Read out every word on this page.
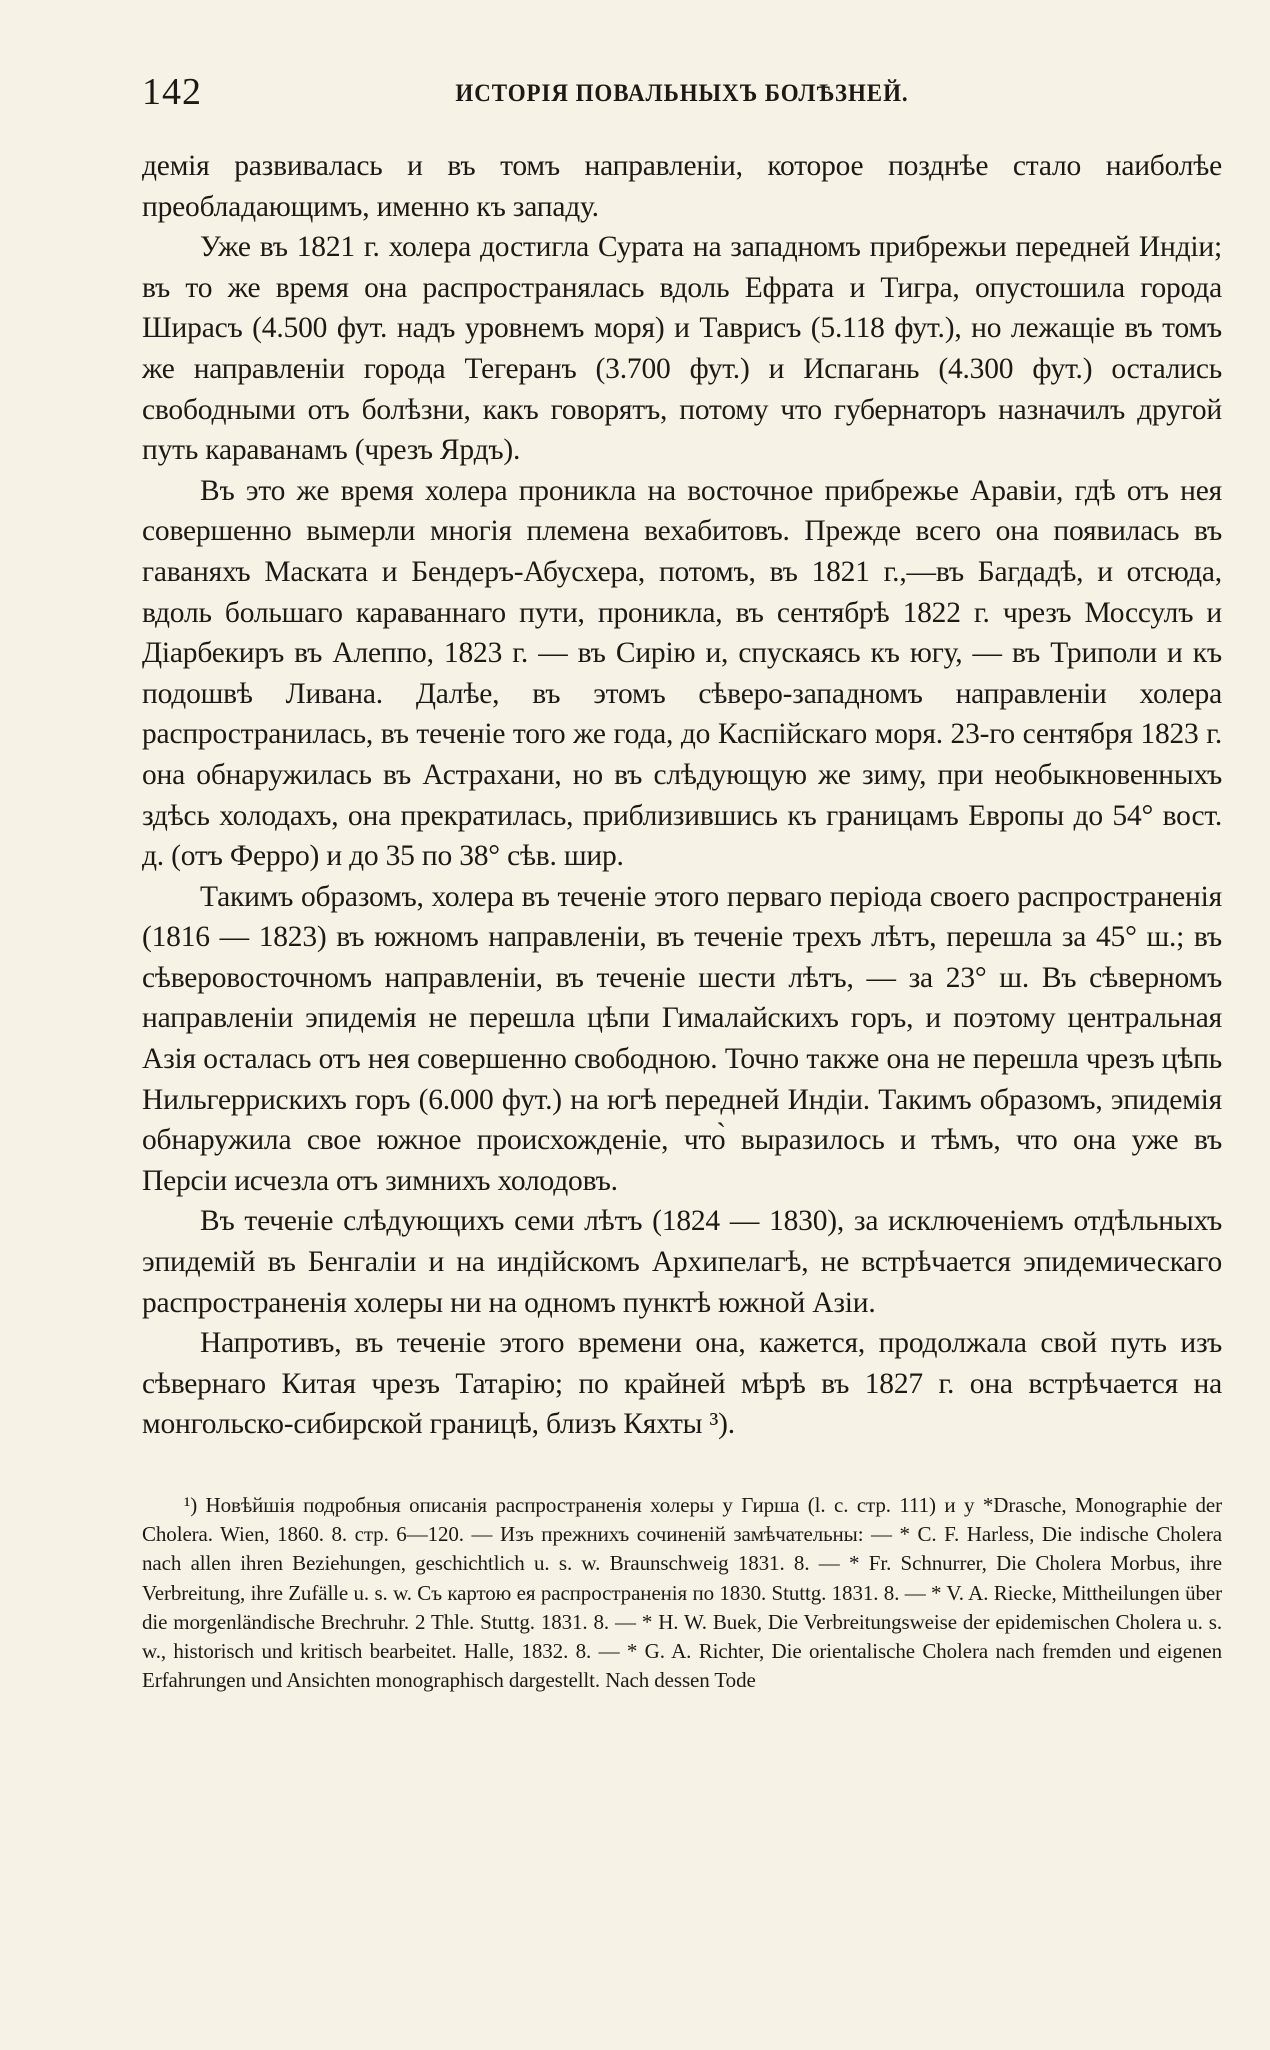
142	ИСТОРІЯ ПОВАЛЬНЫХЪ БОЛѢЗНЕЙ.

демія развивалась и въ томъ направленіи, которое позднѣе стало наиболѣе преобладающимъ, именно къ западу.

Уже въ 1821 г. холера достигла Сурата на западномъ прибрежьи передней Индіи; въ то же время она распространялась вдоль Ефрата и Тигра, опустошила города Ширасъ (4.500 фут. надъ уровнемъ моря) и Таврисъ (5.118 фут.), но лежащіе въ томъ же направленіи города Тегеранъ (3.700 фут.) и Испагань (4.300 фут.) остались свободными отъ болѣзни, какъ говорятъ, потому что губернаторъ назначилъ другой путь караванамъ (чрезъ Ярдъ).

Въ это же время холера проникла на восточное прибрежье Аравіи, гдѣ отъ нея совершенно вымерли многія племена вехабитовъ. Прежде всего она появилась въ гаваняхъ Маската и Бендеръ-Абусхера, потомъ, въ 1821 г.,—въ Багдадѣ, и отсюда, вдоль большаго караваннаго пути, проникла, въ сентябрѣ 1822 г. чрезъ Моссулъ и Діарбекиръ въ Алеппо, 1823 г. — въ Сирію и, спускаясь къ югу, — въ Триполи и къ подошвѣ Ливана. Далѣе, въ этомъ сѣверо-западномъ направленіи холера распространилась, въ теченіе того же года, до Каспійскаго моря. 23-го сентября 1823 г. она обнаружилась въ Астрахани, но въ слѣдующую же зиму, при необыкновенныхъ здѣсь холодахъ, она прекратилась, приблизившись къ границамъ Европы до 54° вост. д. (отъ Ферро) и до 35 по 38° сѣв. шир.

Такимъ образомъ, холера въ теченіе этого перваго періода своего распространенія (1816 — 1823) въ южномъ направленіи, въ теченіе трехъ лѣтъ, перешла за 45° ш.; въ сѣверовосточномъ направленіи, въ теченіе шести лѣтъ, — за 23° ш. Въ сѣверномъ направленіи эпидемія не перешла цѣпи Гималайскихъ горъ, и поэтому центральная Азія осталась отъ нея совершенно свободною. Точно также она не перешла чрезъ цѣпь Нильгеррискихъ горъ (6.000 фут.) на югѣ передней Индіи. Такимъ образомъ, эпидемія обнаружила свое южное происхожденіе, что̀ выразилось и тѣмъ, что она уже въ Персіи исчезла отъ зимнихъ холодовъ.

Въ теченіе слѣдующихъ семи лѣтъ (1824 — 1830), за исключеніемъ отдѣльныхъ эпидемій въ Бенгаліи и на индійскомъ Архипелагѣ, не встрѣчается эпидемическаго распространенія холеры ни на одномъ пунктѣ южной Азіи.

Напротивъ, въ теченіе этого времени она, кажется, продолжала свой путь изъ сѣвернаго Китая чрезъ Татарію; по крайней мѣрѣ въ 1827 г. она встрѣчается на монгольско-сибирской границѣ, близъ Кяхты ³).

¹) Новѣйшія подробныя описанія распространенія холеры у Гирша (l. c. стр. 111) и у *Drasche, Monographie der Cholera. Wien, 1860. 8. стр. 6—120. — Изъ прежнихъ сочиненій замѣчательны: — * C. F. Harless, Die indische Cholera nach allen ihren Beziehungen, geschichtlich u. s. w. Braunschweig 1831. 8. — * Fr. Schnurrer, Die Cholera Morbus, ihre Verbreitung, ihre Zufälle u. s. w. Съ картою ея распространенія по 1830. Stuttg. 1831. 8. — * V. A. Riecke, Mittheilungen über die morgenländische Brechruhr. 2 Thle. Stuttg. 1831. 8. — * H. W. Buek, Die Verbreitungsweise der epidemischen Cholera u. s. w., historisch und kritisch bearbeitet. Halle, 1832. 8. — * G. A. Richter, Die orientalische Cholera nach fremden und eigenen Erfahrungen und Ansichten monographisch dargestellt. Nach dessen Tode
